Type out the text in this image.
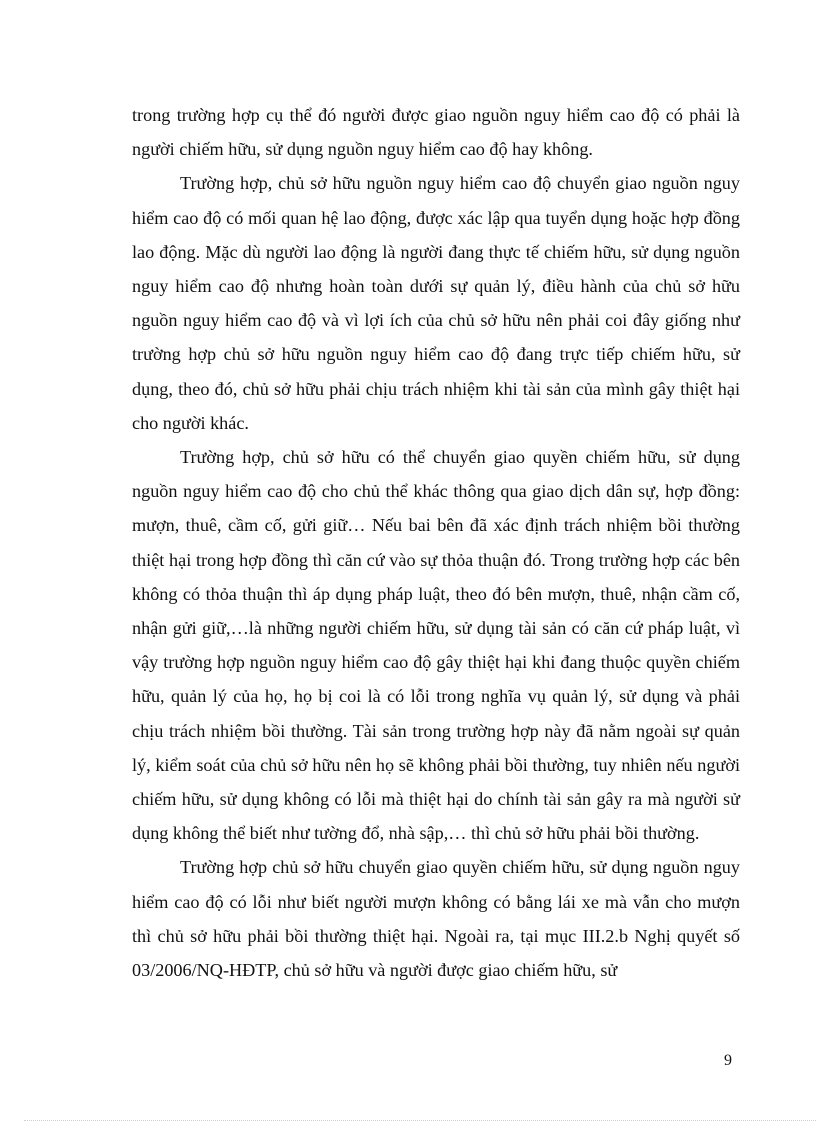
trong trường hợp cụ thể đó người được giao nguồn nguy hiểm cao độ có phải là người chiếm hữu, sử dụng nguồn nguy hiểm cao độ hay không.

Trường hợp, chủ sở hữu nguồn nguy hiểm cao độ chuyển giao nguồn nguy hiểm cao độ có mối quan hệ lao động, được xác lập qua tuyển dụng hoặc hợp đồng lao động. Mặc dù người lao động là người đang thực tế chiếm hữu, sử dụng nguồn nguy hiểm cao độ nhưng hoàn toàn dưới sự quản lý, điều hành của chủ sở hữu nguồn nguy hiểm cao độ và vì lợi ích của chủ sở hữu nên phải coi đây giống như trường hợp chủ sở hữu nguồn nguy hiểm cao độ đang trực tiếp chiếm hữu, sử dụng, theo đó, chủ sở hữu phải chịu trách nhiệm khi tài sản của mình gây thiệt hại cho người khác.

Trường hợp, chủ sở hữu có thể chuyển giao quyền chiếm hữu, sử dụng nguồn nguy hiểm cao độ cho chủ thể khác thông qua giao dịch dân sự, hợp đồng: mượn, thuê, cầm cố, gửi giữ… Nếu bai bên đã xác định trách nhiệm bồi thường thiệt hại trong hợp đồng thì căn cứ vào sự thỏa thuận đó. Trong trường hợp các bên không có thỏa thuận thì áp dụng pháp luật, theo đó bên mượn, thuê, nhận cầm cố, nhận gửi giữ,…là những người chiếm hữu, sử dụng tài sản có căn cứ pháp luật, vì vậy trường hợp nguồn nguy hiểm cao độ gây thiệt hại khi đang thuộc quyền chiếm hữu, quản lý của họ, họ bị coi là có lỗi trong nghĩa vụ quản lý, sử dụng và phải chịu trách nhiệm bồi thường. Tài sản trong trường hợp này đã nằm ngoài sự quản lý, kiểm soát của chủ sở hữu nên họ sẽ không phải bồi thường, tuy nhiên nếu người chiếm hữu, sử dụng không có lỗi mà thiệt hại do chính tài sản gây ra mà người sử dụng không thể biết như tường đổ, nhà sập,… thì chủ sở hữu phải bồi thường.

Trường hợp chủ sở hữu chuyển giao quyền chiếm hữu, sử dụng nguồn nguy hiểm cao độ có lỗi như biết người mượn không có bằng lái xe mà vẫn cho mượn thì chủ sở hữu phải bồi thường thiệt hại. Ngoài ra, tại mục III.2.b Nghị quyết số 03/2006/NQ-HĐTP, chủ sở hữu và người được giao chiếm hữu, sử

9
